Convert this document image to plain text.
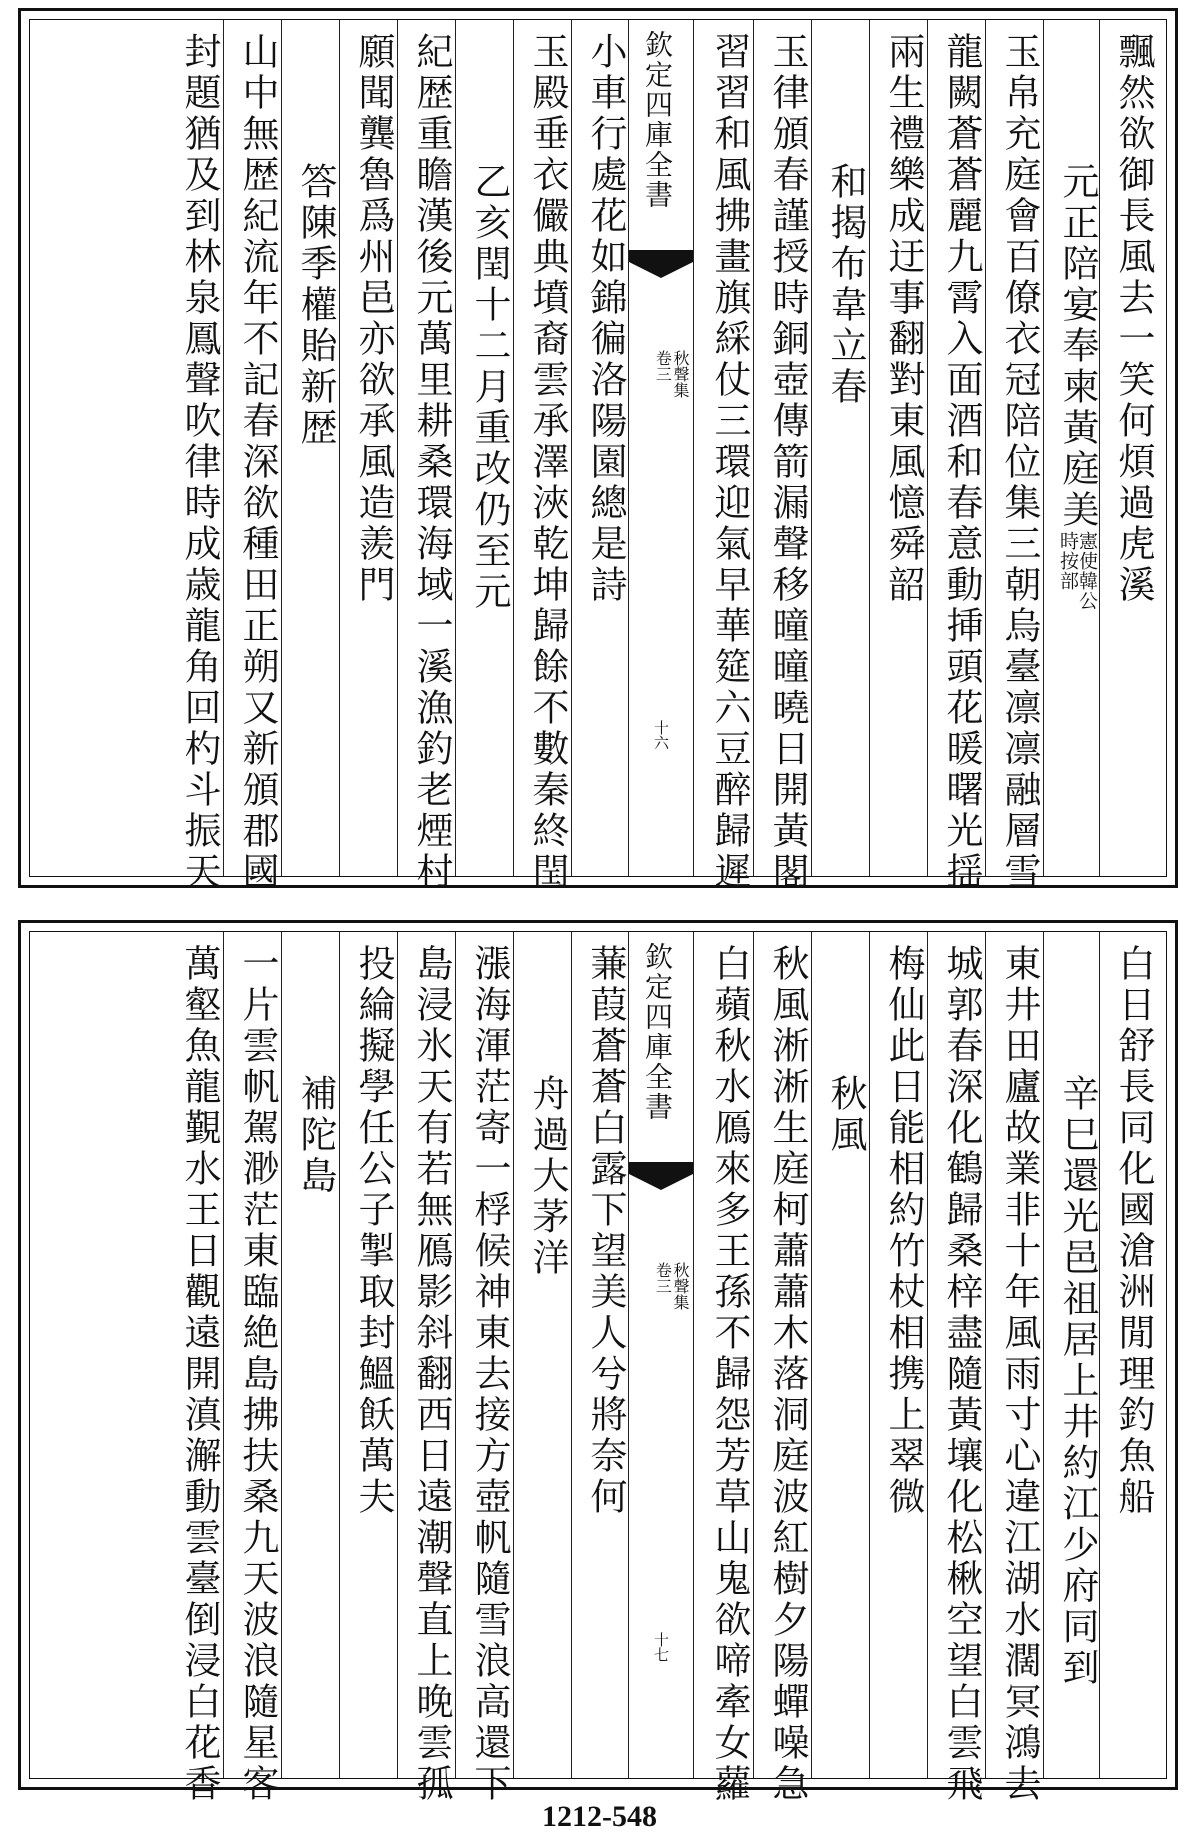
飄然欲御長風去一笑何煩過虎溪
元正陪宴奉柬黃庭美憲使韓公
時按部
玉帛充庭會百僚衣冠陪位集三朝烏臺凛凛融層雪
龍闕蒼蒼麗九霄入面酒和春意動挿頭花暖曙光揺
兩生禮樂成迂事翻對東風憶舜韶
和揭布韋立春
玉律頒春謹授時銅壺傳箭漏聲移曈曈曉日開黃閣
習習和風拂畫旗綵仗三環迎氣早華筵六豆醉歸遲
欽定四庫全書
秋聲集
卷三
十六
小車行處花如錦徧洛陽園總是詩
玉殿垂衣儼典墳裔雲承澤浹乾坤歸餘不數秦終閏
乙亥閏十二月重改仍至元
紀歴重瞻漢後元萬里耕桑環海域一溪漁釣老煙村
願聞龔魯爲州邑亦欲承風造羨門
答陳季權貽新歴
山中無歴紀流年不記春深欲種田正朔又新頒郡國
封題猶及到林泉鳳聲吹律時成歳龍角回杓斗振天
白日舒長同化國滄洲閒理釣魚船
辛巳還光邑祖居上井約江少府同到
東井田廬故業非十年風雨寸心違江湖水濶冥鴻去
城郭春深化鶴歸桑梓盡隨黃壤化松楸空望白雲飛
梅仙此日能相約竹杖相携上翠微
秋風
秋風淅淅生庭柯蕭蕭木落洞庭波紅樹夕陽蟬噪急
白蘋秋水鴈來多王孫不歸怨芳草山鬼欲啼牽女蘿
欽定四庫全書
秋聲集
卷三
十七
蒹葭蒼蒼白露下望美人兮將奈何
舟過大茅洋
漲海渾茫寄一桴候神東去接方壺帆隨雪浪高還下
島浸氷天有若無鴈影斜翻西日遠潮聲直上晚雲孤
投綸擬學任公子掣取封鰮飫萬夫
補陀島
一片雲帆駕渺茫東臨絶島拂扶桑九天波浪隨星客
萬壑魚龍覲水王日觀遠開滇澥動雲臺倒浸白花香
1212-548
